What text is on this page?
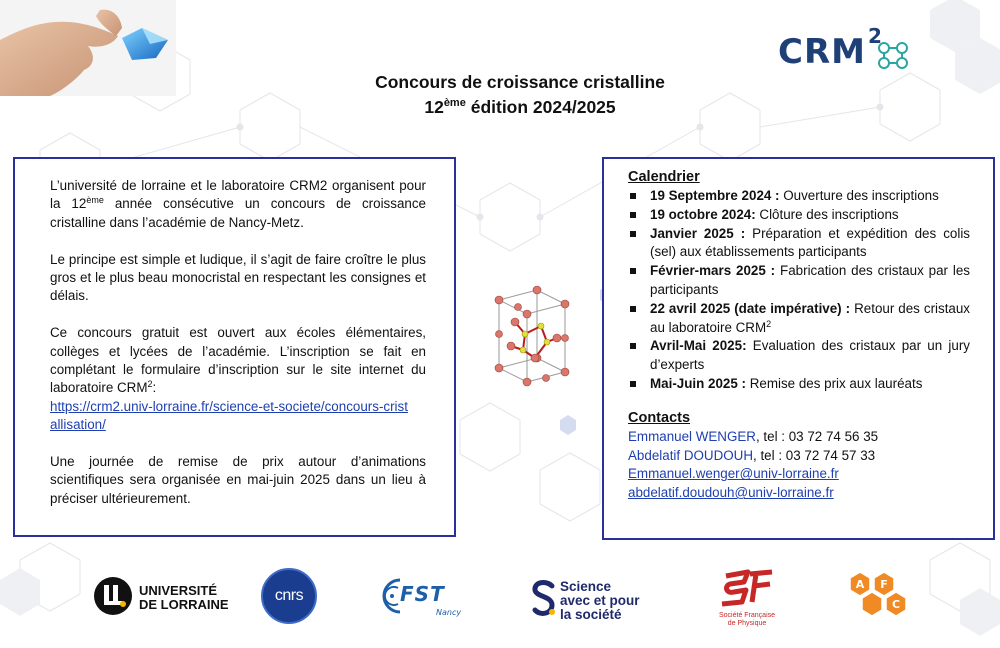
CRM 2
Concours de croissance cristalline
12ème édition 2024/2025

L’université de lorraine et le laboratoire CRM2 organisent pour la 12ème année consécutive un concours de croissance cristalline dans l’académie de Nancy-Metz.

Le principe est simple et ludique, il s’agit de faire croître le plus gros et le plus beau monocristal en respectant les consignes et délais.

Ce concours gratuit est ouvert aux écoles élémentaires, collèges et lycées de l’académie. L’inscription se fait en complétant le formulaire d’inscription sur le site internet du laboratoire CRM$^2$:
https://crm2.univ-lorraine.fr/science-et-societe/concours-cristallisation/

Une journée de remise de prix autour d’animations scientifiques sera organisée en mai-juin 2025 dans un lieu à préciser ultérieurement.

Calendrier
19 Septembre 2024 : Ouverture des inscriptions
19 octobre 2024: Clôture des inscriptions
Janvier 2025 : Préparation et expédition des colis (sel) aux établissements participants
Février-mars 2025 : Fabrication des cristaux par les participants
22 avril 2025 (date impérative) : Retour des cristaux au laboratoire CRM$^2$
Avril-Mai 2025: Evaluation des cristaux par un jury d’experts
Mai-Juin 2025 : Remise des prix aux lauréats
Contacts
Emmanuel WENGER, tel : 03 72 74 56 35
Abdelatif DOUDOUH, tel : 03 72 74 57 33
Emmanuel.wenger@univ-lorraine.fr
abdelatif.doudouh@univ-lorraine.fr
UNIVERSITÉ
DE LORRAINE
cnrs	FST
Nancy
Science
avec et pour
la société	Société Française
de Physique
A F
C
